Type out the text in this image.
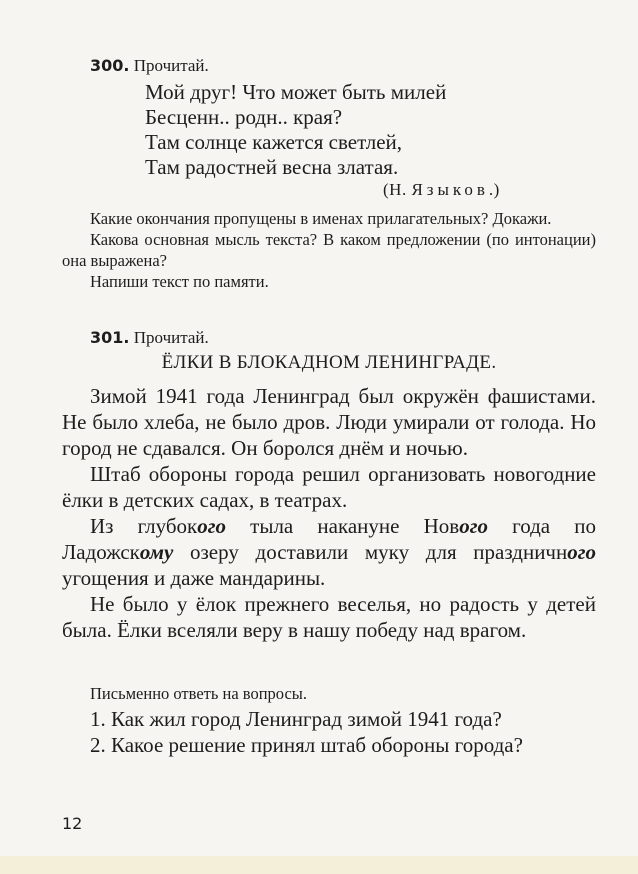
300. Прочитай.
Мой друг! Что может быть милей
Бесценн.. родн.. края?
Там солнце кажется светлей,
Там радостней весна златая.
(Н. Языков.)

Какие окончания пропущены в именах прилагательных? Докажи.

Какова основная мысль текста? В каком предложении (по интонации) она выражена?

Напиши текст по памяти.

301. Прочитай.
ЁЛКИ В БЛОКАДНОМ ЛЕНИНГРАДЕ.

Зимой 1941 года Ленинград был окружён фашистами. Не было хлеба, не было дров. Люди умирали от голода. Но город не сдавался. Он боролся днём и ночью.

Штаб обороны города решил организовать новогодние ёлки в детских садах, в театрах.

Из глубокого тыла накануне Нового года по Ладожскому озеру доставили муку для праздничного угощения и даже мандарины.

Не было у ёлок прежнего веселья, но радость у детей была. Ёлки вселяли веру в нашу победу над врагом.

Письменно ответь на вопросы.

1. Как жил город Ленинград зимой 1941 года?

2. Какое решение принял штаб обороны города?

12
